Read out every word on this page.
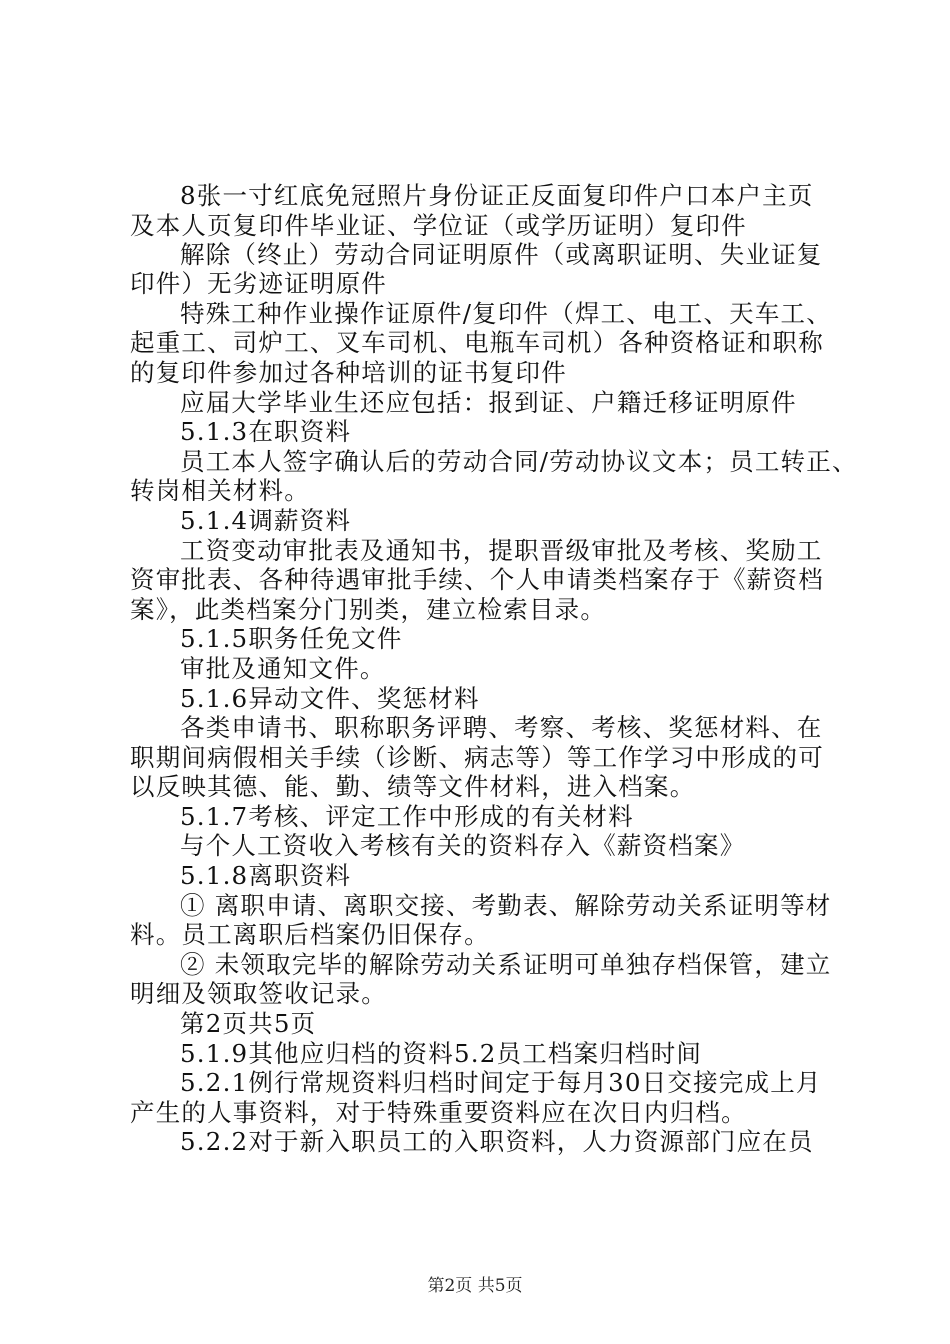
8张一寸红底免冠照片身份证正反面复印件户口本户主页
及本人页复印件毕业证、学位证（或学历证明）复印件
解除（终止）劳动合同证明原件（或离职证明、失业证复
印件）无劣迹证明原件
特殊工种作业操作证原件/复印件（焊工、电工、天车工、
起重工、司炉工、叉车司机、电瓶车司机）各种资格证和职称
的复印件参加过各种培训的证书复印件
应届大学毕业生还应包括：报到证、户籍迁移证明原件
5.1.3在职资料
员工本人签字确认后的劳动合同/劳动协议文本；员工转正、
转岗相关材料。
5.1.4调薪资料
工资变动审批表及通知书，提职晋级审批及考核、奖励工
资审批表、各种待遇审批手续、个人申请类档案存于《薪资档
案》，此类档案分门别类，建立检索目录。
5.1.5职务任免文件
审批及通知文件。
5.1.6异动文件、奖惩材料
各类申请书、职称职务评聘、考察、考核、奖惩材料、在
职期间病假相关手续（诊断、病志等）等工作学习中形成的可
以反映其德、能、勤、绩等文件材料，进入档案。
5.1.7考核、评定工作中形成的有关材料
与个人工资收入考核有关的资料存入《薪资档案》
5.1.8离职资料
① 离职申请、离职交接、考勤表、解除劳动关系证明等材
料。员工离职后档案仍旧保存。
② 未领取完毕的解除劳动关系证明可单独存档保管，建立
明细及领取签收记录。
第2页共5页
5.1.9其他应归档的资料5.2员工档案归档时间
5.2.1例行常规资料归档时间定于每月30日交接完成上月
产生的人事资料，对于特殊重要资料应在次日内归档。
5.2.2对于新入职员工的入职资料，人力资源部门应在员
第2页 共5页
